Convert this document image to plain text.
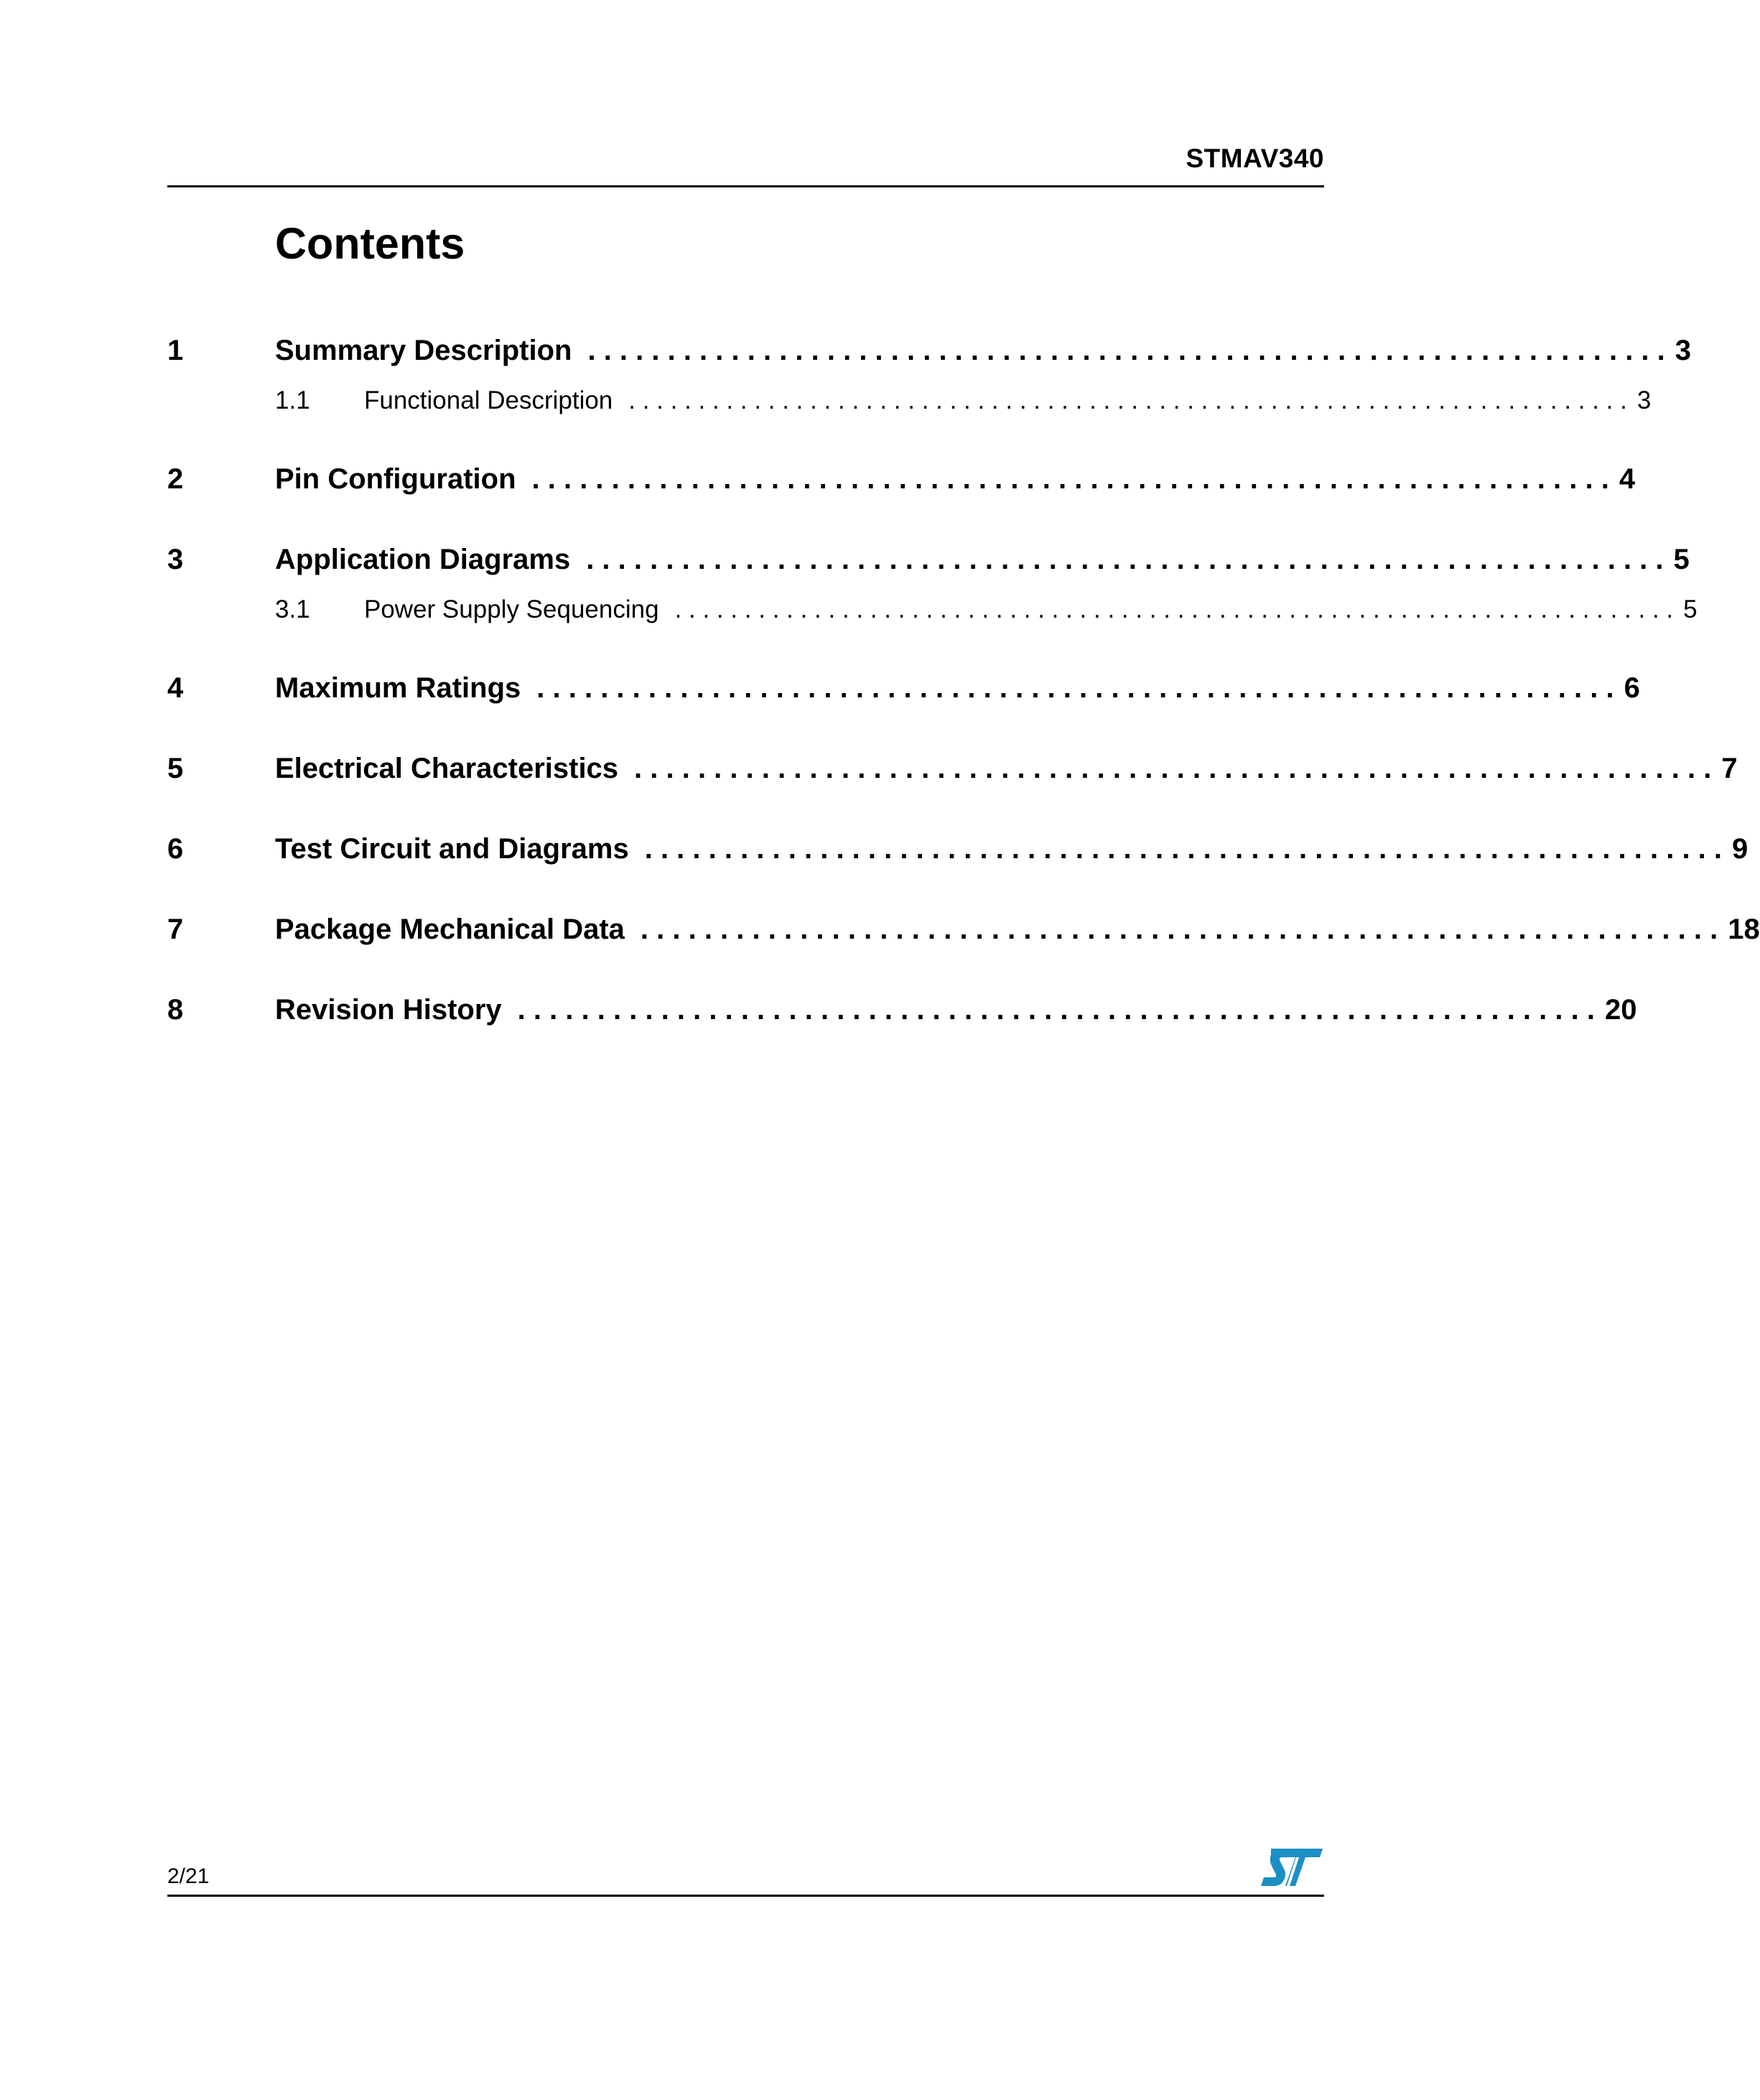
STMAV340
Contents
1	Summary Description . . . . . . . . . . . . . . . . . . . . . . . . . . . . . . . . . . . . . . . . . . . . . . . . . . . . . . . . . . . . . . . . . . . . 3
1.1	Functional Description . . . . . . . . . . . . . . . . . . . . . . . . . . . . . . . . . . . . . . . . . . . . . . . . . . . . . . . . . . . . . . . . . . . . . . . . 3
2	Pin Configuration . . . . . . . . . . . . . . . . . . . . . . . . . . . . . . . . . . . . . . . . . . . . . . . . . . . . . . . . . . . . . . . . . . . . 4
3	Application Diagrams . . . . . . . . . . . . . . . . . . . . . . . . . . . . . . . . . . . . . . . . . . . . . . . . . . . . . . . . . . . . . . . . . . . . 5
3.1	Power Supply Sequencing . . . . . . . . . . . . . . . . . . . . . . . . . . . . . . . . . . . . . . . . . . . . . . . . . . . . . . . . . . . . . . . . . . . . . . . . 5
4	Maximum Ratings . . . . . . . . . . . . . . . . . . . . . . . . . . . . . . . . . . . . . . . . . . . . . . . . . . . . . . . . . . . . . . . . . . . . 6
5	Electrical Characteristics . . . . . . . . . . . . . . . . . . . . . . . . . . . . . . . . . . . . . . . . . . . . . . . . . . . . . . . . . . . . . . . . . . . . 7
6	Test Circuit and Diagrams . . . . . . . . . . . . . . . . . . . . . . . . . . . . . . . . . . . . . . . . . . . . . . . . . . . . . . . . . . . . . . . . . . . . 9
7	Package Mechanical Data . . . . . . . . . . . . . . . . . . . . . . . . . . . . . . . . . . . . . . . . . . . . . . . . . . . . . . . . . . . . . . . . . . . . 18
8	Revision History . . . . . . . . . . . . . . . . . . . . . . . . . . . . . . . . . . . . . . . . . . . . . . . . . . . . . . . . . . . . . . . . . . . . 20
2/21
